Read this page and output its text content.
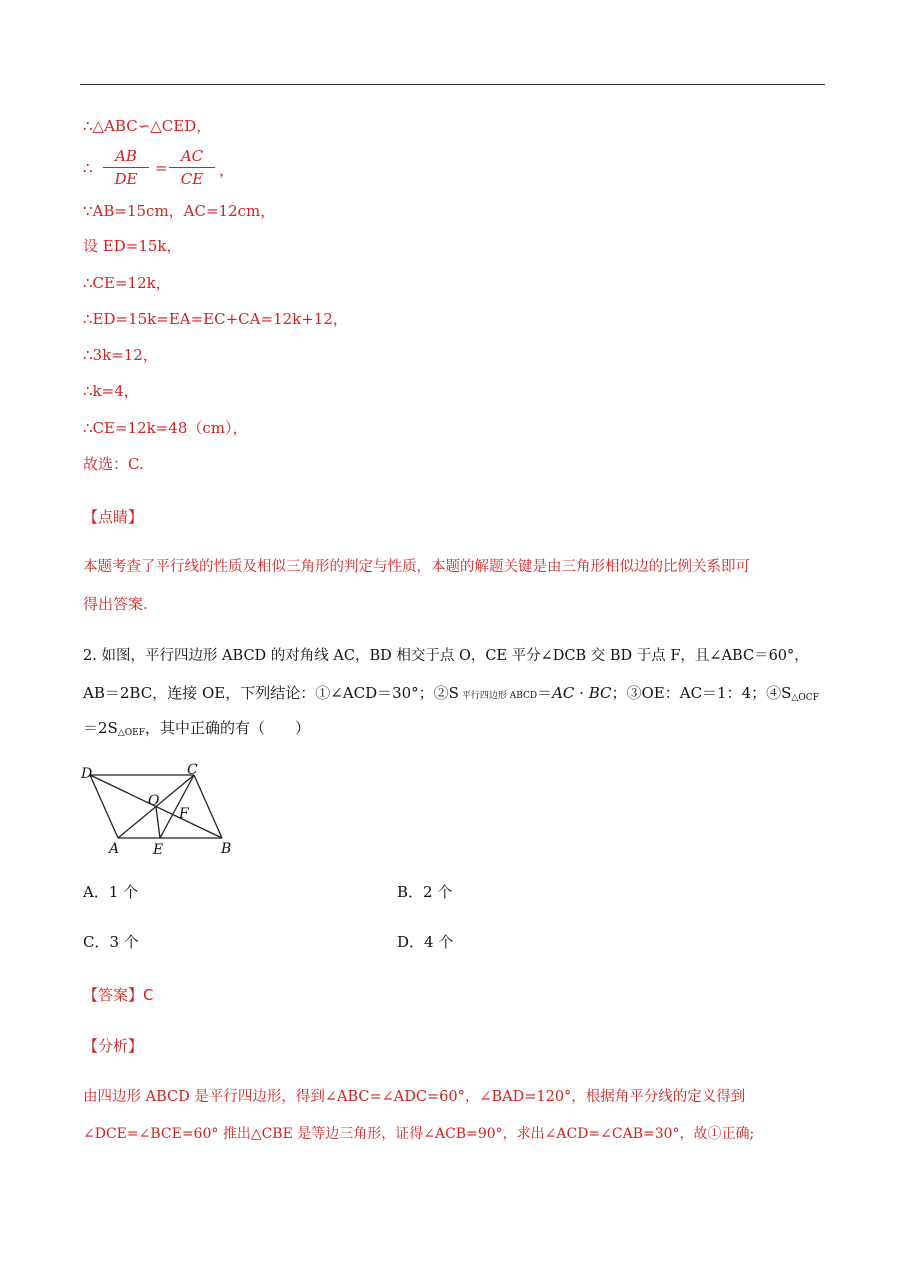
∴△ABC∽△CED，
∴ $\frac{AB}{DE} = \frac{AC}{CE}$ ，
∵AB=15cm，AC=12cm，
设 ED=15k，
∴CE=12k，
∴ED=15k=EA=EC+CA=12k+12，
∴3k=12，
∴k=4，
∴CE=12k=48（cm），
故选：C.
【点睛】
本题考查了平行线的性质及相似三角形的判定与性质，本题的解题关键是由三角形相似边的比例关系即可
得出答案.
2. 如图，平行四边形 ABCD 的对角线 AC，BD 相交于点 O，CE 平分∠DCB 交 BD 于点 F，且∠ABC＝60°，
AB＝2BC，连接 OE，下列结论：①∠ACD＝30°；②S 平行四边形 ABCD＝AC · BC；③OE：AC＝1：4；$④S_{\triangle OCF}$
$=2S_{\triangle OEF}$，其中正确的有（　　）
D	C
O
F
A E	B
A．1 个	B．2 个
C．3 个	D．4 个
【答案】C
【分析】
由四边形 ABCD 是平行四边形，得到∠ABC=∠ADC=60°，∠BAD=120°，根据角平分线的定义得到
∠DCE=∠BCE=60° 推出△CBE 是等边三角形，证得∠ACB=90°，求出∠ACD=∠CAB=30°，故①正确;
